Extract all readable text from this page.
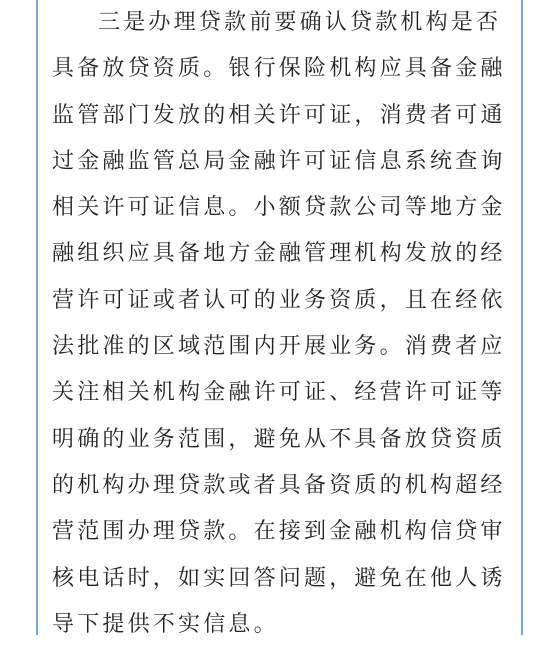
三是办理贷款前要确认贷款机构是否
具备放贷资质。银行保险机构应具备金融
监管部门发放的相关许可证，消费者可通
过金融监管总局金融许可证信息系统查询
相关许可证信息。小额贷款公司等地方金
融组织应具备地方金融管理机构发放的经
营许可证或者认可的业务资质，且在经依
法批准的区域范围内开展业务。消费者应
关注相关机构金融许可证、经营许可证等
明确的业务范围，避免从不具备放贷资质
的机构办理贷款或者具备资质的机构超经
营范围办理贷款。在接到金融机构信贷审
核电话时，如实回答问题，避免在他人诱
导下提供不实信息。
